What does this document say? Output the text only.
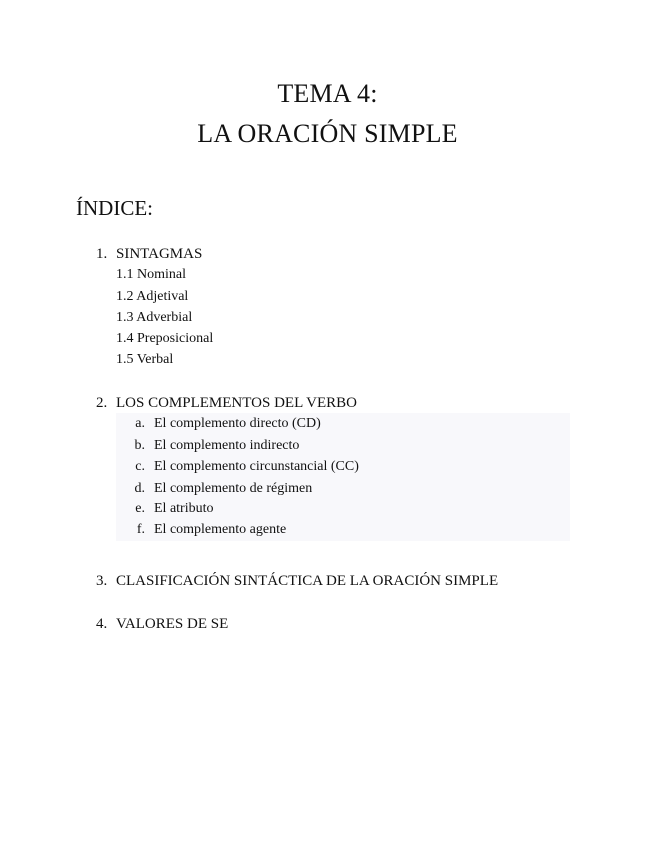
TEMA 4:
LA ORACIÓN SIMPLE
ÍNDICE:
1. SINTAGMAS
1.1 Nominal
1.2 Adjetival
1.3 Adverbial
1.4 Preposicional
1.5 Verbal
2. LOS COMPLEMENTOS DEL VERBO
a. El complemento directo (CD)
b. El complemento indirecto
c. El complemento circunstancial (CC)
d. El complemento de régimen
e. El atributo
f. El complemento agente
3. CLASIFICACIÓN SINTÁCTICA DE LA ORACIÓN SIMPLE
4. VALORES DE SE
